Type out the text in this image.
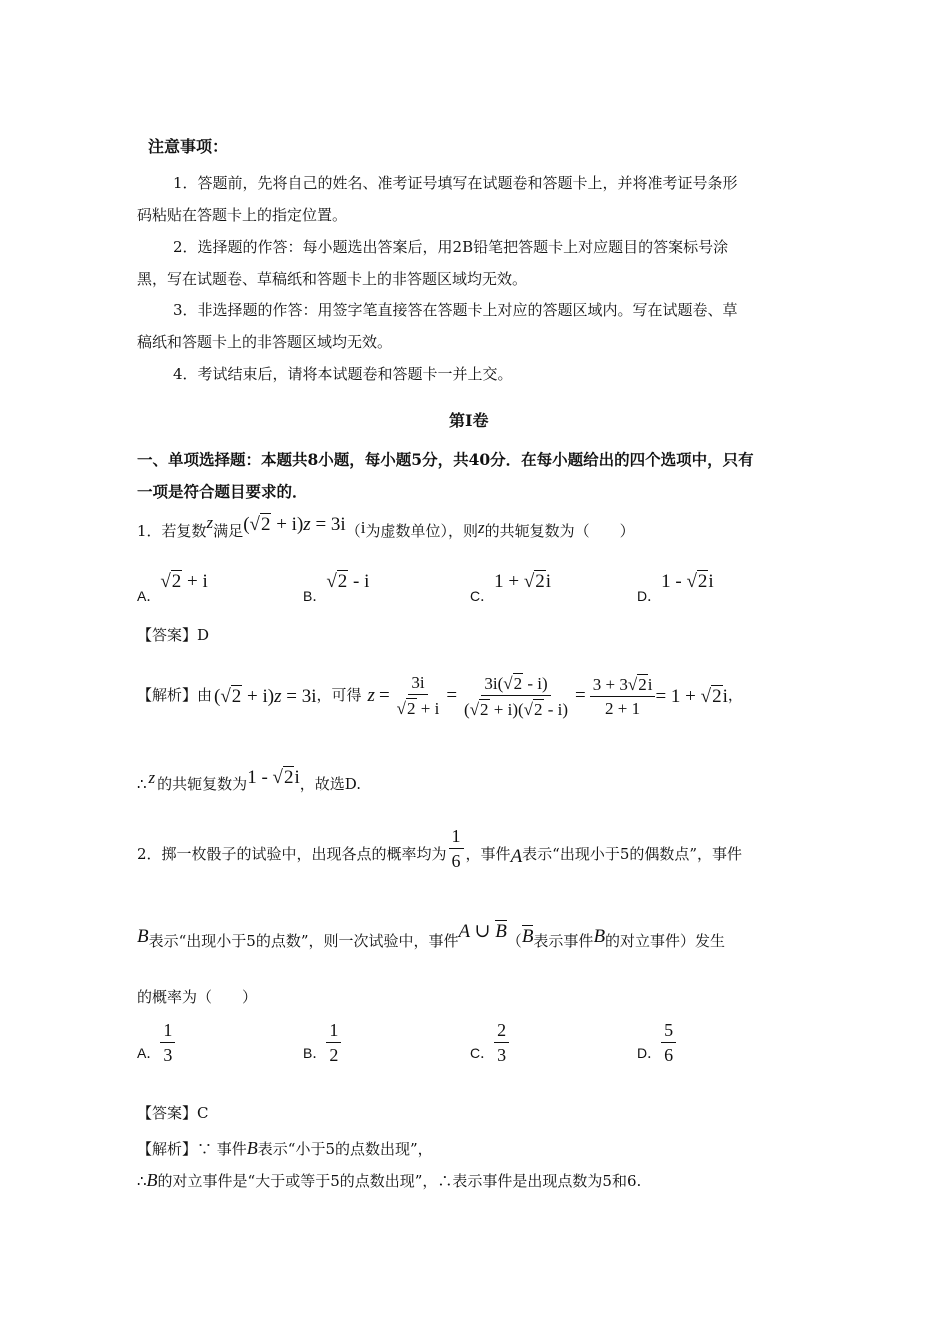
注意事项：
1．答题前，先将自己的姓名、准考证号填写在试题卷和答题卡上，并将准考证号条形
码粘贴在答题卡上的指定位置。
2．选择题的作答：每小题选出答案后，用2B铅笔把答题卡上对应题目的答案标号涂
黑，写在试题卷、草稿纸和答题卡上的非答题区域均无效。
3．非选择题的作答：用签字笔直接答在答题卡上对应的答题区域内。写在试题卷、草
稿纸和答题卡上的非答题区域均无效。
4．考试结束后，请将本试题卷和答题卡一并上交。
第Ⅰ卷
一、单项选择题：本题共8小题，每小题5分，共40分．在每小题给出的四个选项中，只有
一项是符合题目要求的．
1．若复数z满足(√2 + i)z = 3i（i为虚数单位），则z的共轭复数为（　　）
A．√2 + i
B．√2 - i
C．1 + √2i
D．1 - √2i
【答案】D
【解析】由 (√2 + i)z = 3i ，可得 $z = \frac{3i}{√2 + i} = \frac{3i(√2 - i)}{(√2 + i)(√2 - i)} = \frac{3 + 3√2i}{2 + 1} = 1 + √2i$ ，
∴ z 的共轭复数为1 - √2i，故选D.
2．掷一枚骰子的试验中，出现各点的概率均为 $\frac{1}{6}$ ，事件 A 表示“出现小于5的偶数点”，事件
B表示“出现小于5的点数”，则一次试验中，事件A ∪ B（B表示事件B的对立事件）发生
的概率为（　　）
A． $\frac{1}{3}$	B． $\frac{1}{2}$	C． $\frac{2}{3}$	D． $\frac{5}{6}$
【答案】C
【解析】∵ 事件B表示“小于5的点数出现”，
∴B的对立事件是“大于或等于5的点数出现”，∴表示事件是出现点数为5和6.
